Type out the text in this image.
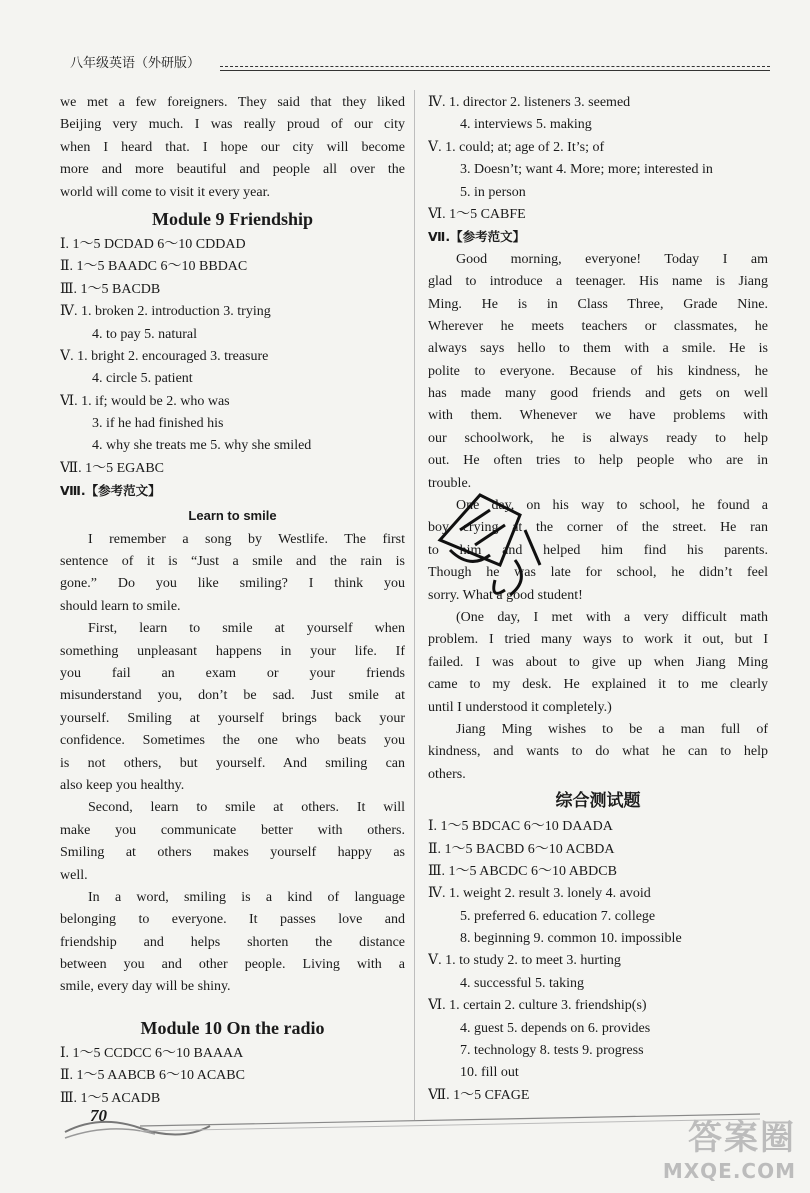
八年级英语（外研版）
we met a few foreigners. They said that they liked
Beijing very much. I was really proud of our city
when I heard that. I hope our city will become
more and more beautiful and people all over the
world will come to visit it every year.
Module 9 Friendship
Ⅰ. 1～5 DCDAD 6～10 CDDAD
Ⅱ. 1～5 BAADC 6～10 BBDAC
Ⅲ. 1～5 BACDB
Ⅳ. 1. broken 2. introduction 3. trying
4. to pay 5. natural
Ⅴ. 1. bright 2. encouraged 3. treasure
4. circle 5. patient
Ⅵ. 1. if; would be 2. who was
3. if he had finished his
4. why she treats me 5. why she smiled
Ⅶ. 1～5 EGABC
Ⅷ.【参考范文】
Learn to smile
I remember a song by Westlife. The first
sentence of it is “Just a smile and the rain is
gone.” Do you like smiling? I think you
should learn to smile.
First, learn to smile at yourself when
something unpleasant happens in your life. If
you fail an exam or your friends
misunderstand you, don’t be sad. Just smile at
yourself. Smiling at yourself brings back your
confidence. Sometimes the one who beats you
is not others, but yourself. And smiling can
also keep you healthy.
Second, learn to smile at others. It will
make you communicate better with others.
Smiling at others makes yourself happy as
well.
In a word, smiling is a kind of language
belonging to everyone. It passes love and
friendship and helps shorten the distance
between you and other people. Living with a
smile, every day will be shiny.
Module 10 On the radio
Ⅰ. 1～5 CCDCC 6～10 BAAAA
Ⅱ. 1～5 AABCB 6～10 ACABC
Ⅲ. 1～5 ACADB
Ⅳ. 1. director 2. listeners 3. seemed
4. interviews 5. making
Ⅴ. 1. could; at; age of 2. It’s; of
3. Doesn’t; want 4. More; more; interested in
5. in person
Ⅵ. 1～5 CABFE
Ⅶ.【参考范文】
Good morning, everyone! Today I am
glad to introduce a teenager. His name is Jiang
Ming. He is in Class Three, Grade Nine.
Wherever he meets teachers or classmates, he
always says hello to them with a smile. He is
polite to everyone. Because of his kindness, he
has made many good friends and gets on well
with them. Whenever we have problems with
our schoolwork, he is always ready to help
out. He often tries to help people who are in
trouble.
One day, on his way to school, he found a
boy crying at the corner of the street. He ran
to him and helped him find his parents.
Though he was late for school, he didn’t feel
sorry. What a good student!
(One day, I met with a very difficult math
problem. I tried many ways to work it out, but I
failed. I was about to give up when Jiang Ming
came to my desk. He explained it to me clearly
until I understood it completely.)
Jiang Ming wishes to be a man full of
kindness, and wants to do what he can to help
others.
综合测试题
Ⅰ. 1～5 BDCAC 6～10 DAADA
Ⅱ. 1～5 BACBD 6～10 ACBDA
Ⅲ. 1～5 ABCDC 6～10 ABDCB
Ⅳ. 1. weight 2. result 3. lonely 4. avoid
5. preferred 6. education 7. college
8. beginning 9. common 10. impossible
Ⅴ. 1. to study 2. to meet 3. hurting
4. successful 5. taking
Ⅵ. 1. certain 2. culture 3. friendship(s)
4. guest 5. depends on 6. provides
7. technology 8. tests 9. progress
10. fill out
Ⅶ. 1～5 CFAGE
70
答案圈
MXQE.COM
